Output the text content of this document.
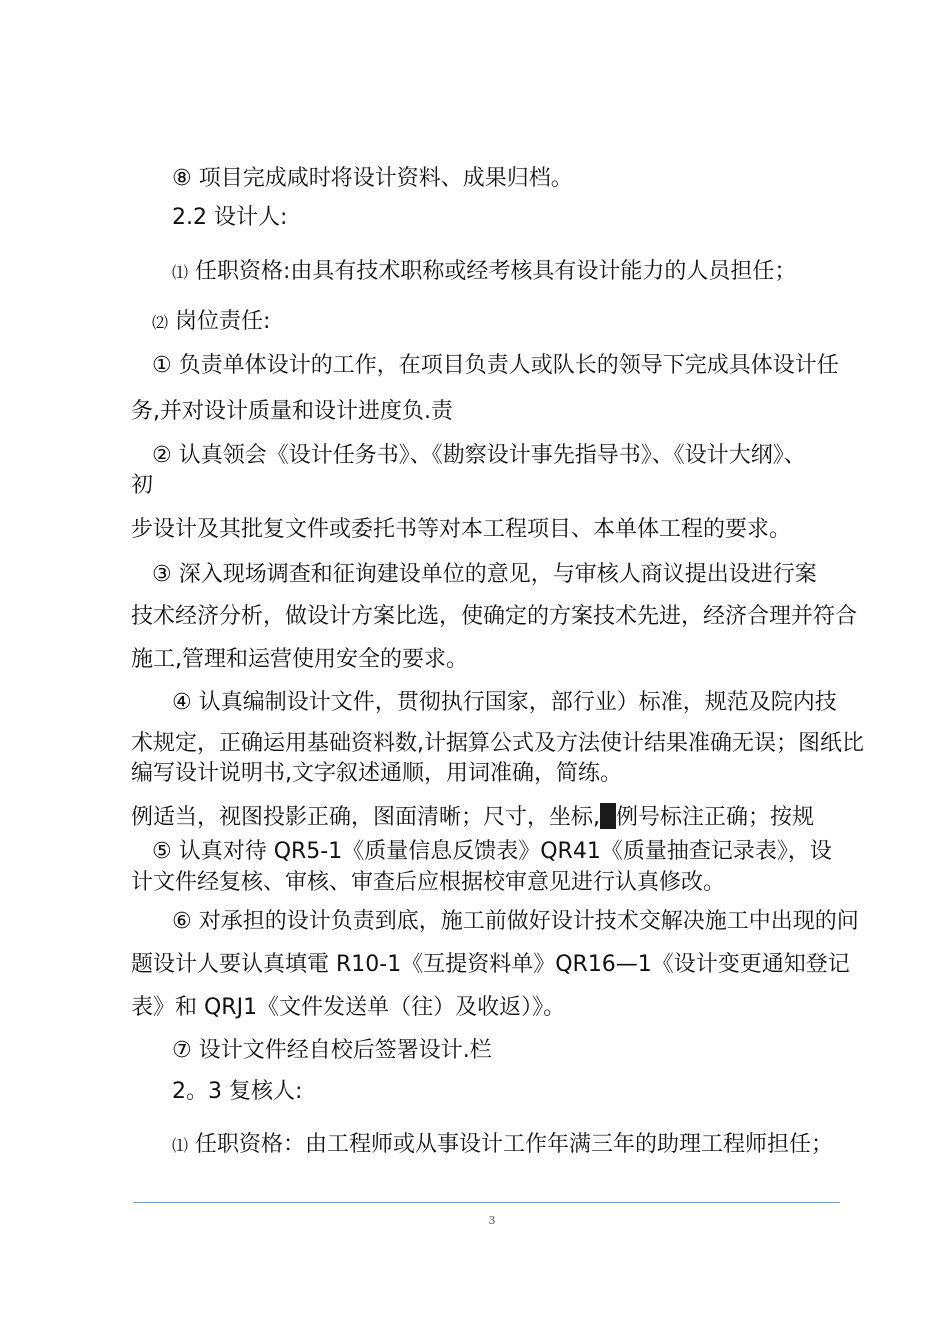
⑧ 项目完成咸时将设计资料、成果归档。
2.2 设计人:
⑴ 任职资格:由具有技术职称或经考核具有设计能力的人员担任；
⑵ 岗位责任:
① 负责单体设计的工作，在项目负责人或队长的领导下完成具体设计任
务,并对设计质量和设计进度负.责
② 认真领会《设计任务书》、《勘察设计事先指导书》、《设计大纲》、
初
步设计及其批复文件或委托书等对本工程项目、本单体工程的要求。
③ 深入现场调查和征询建设单位的意见，与审核人商议提出设进行案
技术经济分析，做设计方案比选，使确定的方案技术先进，经济合理并符合
施工,管理和运营使用安全的要求。
④ 认真编制设计文件，贯彻执行国家，部行业）标准，规范及院内技
术规定，正确运用基础资料数,计据算公式及方法使计结果准确无误；图纸比
编写设计说明书,文字叙述通顺，用词准确，简练。
例适当，视图投影正确，图面清晰；尺寸，坐标, 例号标注正确；按规
⑤ 认真对待 QR5-1《质量信息反馈表》QR41《质量抽查记录表》，设
计文件经复核、审核、审查后应根据校审意见进行认真修改。
⑥ 对承担的设计负责到底，施工前做好设计技术交解决施工中出现的问
题设计人要认真填電 R10-1《互提资料单》QR16—1《设计变更通知登记
表》和 QRJ1《文件发送单（往）及收返）》。
⑦ 设计文件经自校后签署设计.栏
2。3 复核人:
⑴ 任职资格：由工程师或从事设计工作年满三年的助理工程师担任；
3
